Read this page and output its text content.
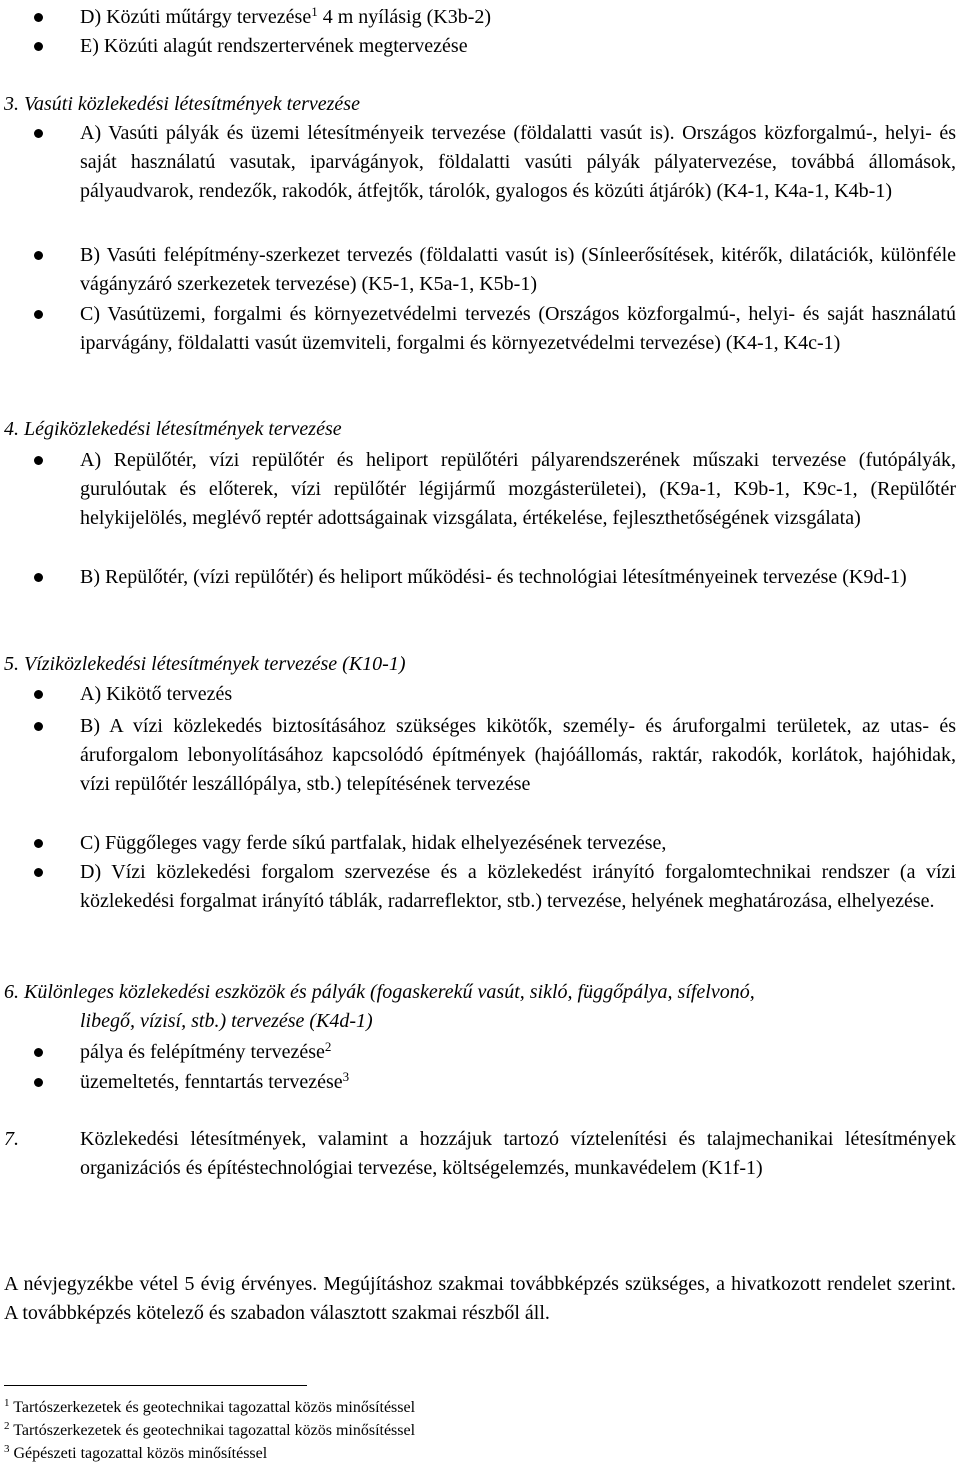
D) Közúti műtárgy tervezése$^1$ 4 m nyílásig (K3b-2)
E) Közúti alagút rendszertervének megtervezése
3. Vasúti közlekedési létesítmények tervezése
A) Vasúti pályák és üzemi létesítményeik tervezése (földalatti vasút is). Országos közforgalmú-, helyi- és saját használatú vasutak, iparvágányok, földalatti vasúti pályák pályatervezése, továbbá állomások, pályaudvarok, rendezők, rakodók, átfejtők, tárolók, gyalogos és közúti átjárók) (K4-1, K4a-1, K4b-1)
B) Vasúti felépítmény-szerkezet tervezés (földalatti vasút is) (Sínleerősítések, kitérők, dilatációk, különféle vágányzáró szerkezetek tervezése) (K5-1, K5a-1, K5b-1)
C) Vasútüzemi, forgalmi és környezetvédelmi tervezés (Országos közforgalmú-, helyi- és saját használatú iparvágány, földalatti vasút üzemviteli, forgalmi és környezetvédelmi tervezése) (K4-1, K4c-1)
4. Légiközlekedési létesítmények tervezése
A) Repülőtér, vízi repülőtér és heliport repülőtéri pályarendszerének műszaki tervezése (futópályák, gurulóutak és előterek, vízi repülőtér légijármű mozgásterületei), (K9a-1, K9b-1, K9c-1, (Repülőtér helykijelölés, meglévő reptér adottságainak vizsgálata, értékelése, fejleszthetőségének vizsgálata)
B) Repülőtér, (vízi repülőtér) és heliport működési- és technológiai létesítményeinek tervezése (K9d-1)
5. Víziközlekedési létesítmények tervezése (K10-1)
A) Kikötő tervezés
B) A vízi közlekedés biztosításához szükséges kikötők, személy- és áruforgalmi területek, az utas- és áruforgalom lebonyolításához kapcsolódó építmények (hajóállomás, raktár, rakodók, korlátok, hajóhidak, vízi repülőtér leszállópálya, stb.) telepítésének tervezése
C) Függőleges vagy ferde síkú partfalak, hidak elhelyezésének tervezése,
D) Vízi közlekedési forgalom szervezése és a közlekedést irányító forgalomtechnikai rendszer (a vízi közlekedési forgalmat irányító táblák, radarreflektor, stb.) tervezése, helyének meghatározása, elhelyezése.
6. Különleges közlekedési eszközök és pályák (fogaskerekű vasút, sikló, függőpálya, sífelvonó,
libegő, vízisí, stb.) tervezése (K4d-1)
pálya és felépítmény tervezése$^2$
üzemeltetés, fenntartás tervezése$^3$
7.	Közlekedési létesítmények, valamint a hozzájuk tartozó víztelenítési és talajmechanikai létesítmények organizációs és építéstechnológiai tervezése, költségelemzés, munkavédelem (K1f-1)
A névjegyzékbe vétel 5 évig érvényes. Megújításhoz szakmai továbbképzés szükséges, a hivatkozott rendelet szerint. A továbbképzés kötelező és szabadon választott szakmai részből áll.
$^1$ Tartószerkezetek és geotechnikai tagozattal közös minősítéssel
$^2$ Tartószerkezetek és geotechnikai tagozattal közös minősítéssel
$^3$ Gépészeti tagozattal közös minősítéssel
